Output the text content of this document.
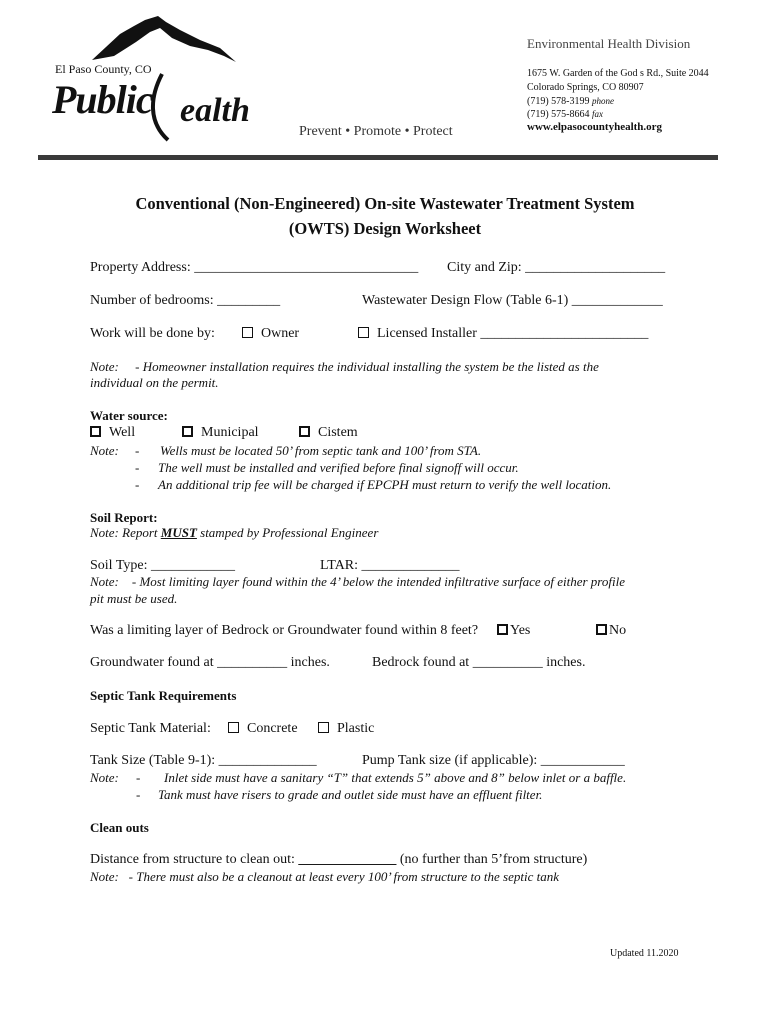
El Paso County, CO
Public ealth
Prevent • Promote • Protect
Environmental Health Division
1675 W. Garden of the God s Rd., Suite 2044
Colorado Springs, CO 80907
(719) 578-3199 phone
(719) 575-8664 fax
www.elpasocountyhealth.org
Conventional (Non-Engineered) On-site Wastewater Treatment System
(OWTS) Design Worksheet
Property Address: ________________________________ City and Zip: ____________________
Number of bedrooms: _________	Wastewater Design Flow (Table 6-1) _____________
Work will be done by:	Owner	Licensed Installer ________________________
Note: - Homeowner installation requires the individual installing the system be the listed as the
individual on the permit.
Water source:
Well	Municipal	Cistem
Note: - Wells must be located 50’ from septic tank and 100’ from STA.
- The well must be installed and verified before final signoff will occur.
- An additional trip fee will be charged if EPCPH must return to verify the well location.
Soil Report:
Note: Report MUST stamped by Professional Engineer
Soil Type: ____________	LTAR: ______________
Note: - Most limiting layer found within the 4’ below the intended infiltrative surface of either profile
pit must be used.
Was a limiting layer of Bedrock or Groundwater found within 8 feet?	Yes	No
Groundwater found at __________ inches.	Bedrock found at __________ inches.
Septic Tank Requirements
Septic Tank Material:	Concrete	Plastic
Tank Size (Table 9-1): ______________	Pump Tank size (if applicable): ____________
Note: - Inlet side must have a sanitary “T” that extends 5” above and 8” below inlet or a baffle.
- Tank must have risers to grade and outlet side must have an effluent filter.
Clean outs
Distance from structure to clean out: ______________ (no further than 5’from structure)
Note: - There must also be a cleanout at least every 100’ from structure to the septic tank
Updated 11.2020
